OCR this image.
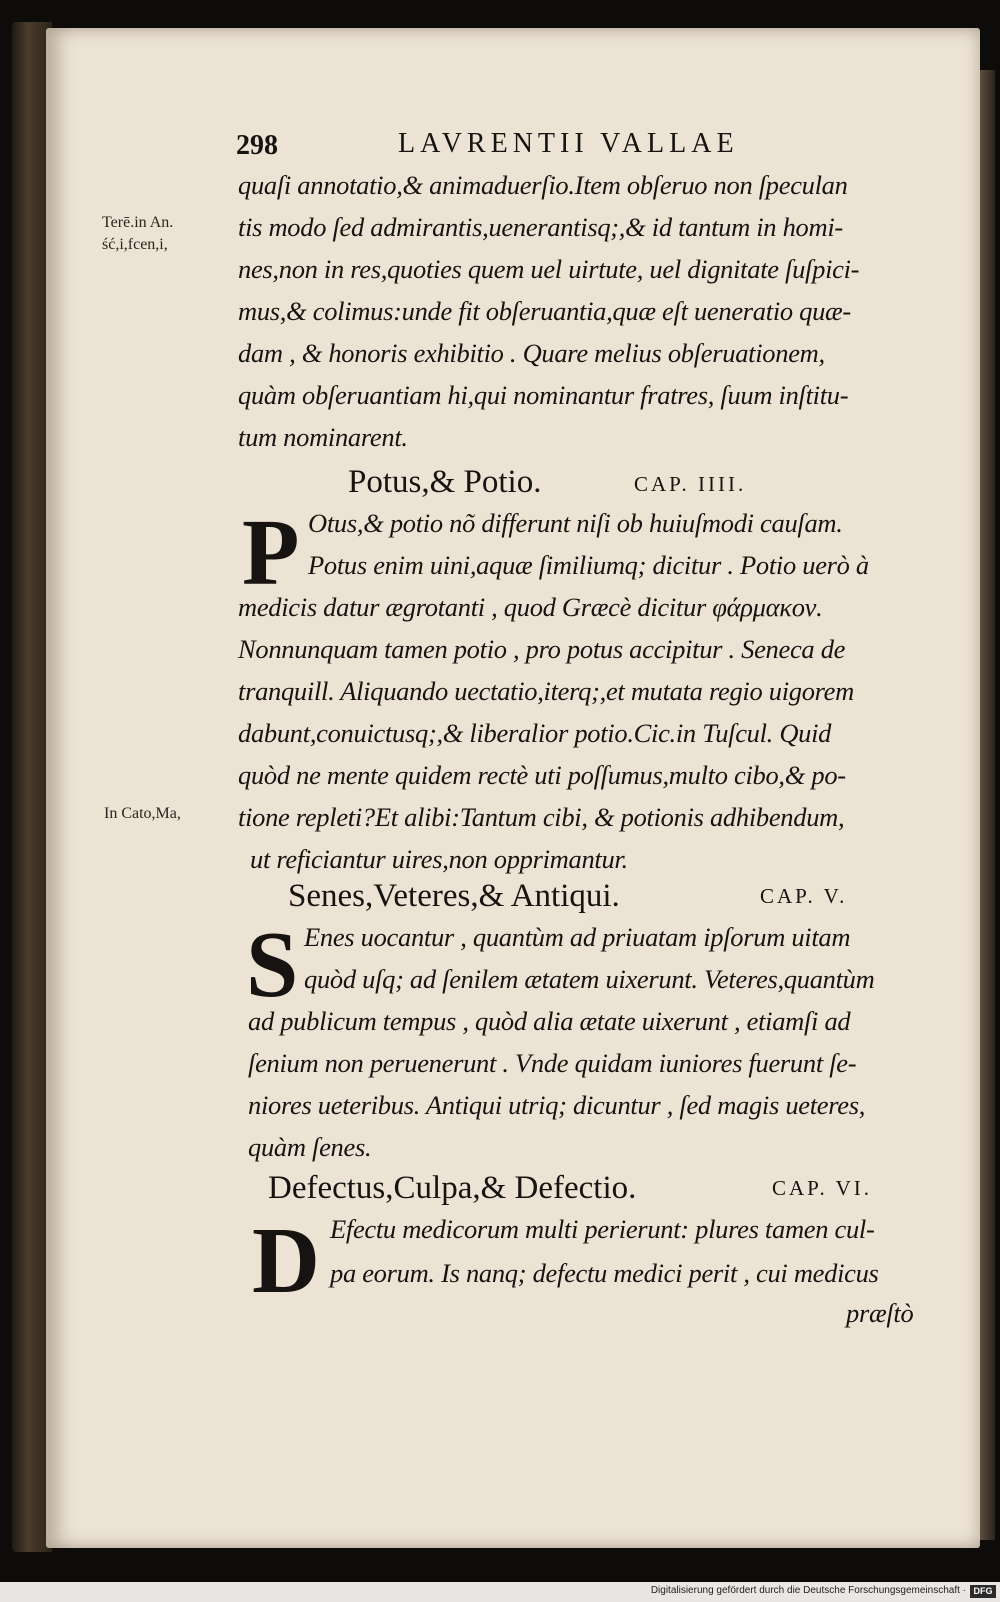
298	LAVRENTII VALLAE
Terē.in An.
ść,i,fcen,i,
In Cato,Ma,
quaſi annotatio,& animaduerſio.Item obſeruo non ſpeculan
tis modo ſed admirantis,uenerantisq;,& id tantum in homi-
nes,non in res,quoties quem uel uirtute, uel dignitate ſuſpici-
mus,& colimus:unde fit obſeruantia,quæ eſt ueneratio quæ-
dam , & honoris exhibitio . Quare melius obſeruationem,
quàm obſeruantiam hi,qui nominantur fratres, ſuum inſtitu-
tum nominarent.
Potus,& Potio.	CAP. IIII.
P Otus,& potio nõ differunt niſi ob huiuſmodi cauſam.
Potus enim uini,aquæ ſimiliumq; dicitur . Potio uerò à
medicis datur ægrotanti , quod Græcè dicitur φάρμακον.
Nonnunquam tamen potio , pro potus accipitur . Seneca de
tranquill. Aliquando uectatio,iterq;,et mutata regio uigorem
dabunt,conuictusq;,& liberalior potio.Cic.in Tuſcul. Quid
quòd ne mente quidem rectè uti poſſumus,multo cibo,& po-
tione repleti?Et alibi:Tantum cibi, & potionis adhibendum,
ut reficiantur uires,non opprimantur.
Senes,Veteres,& Antiqui.	CAP. V.
S Enes uocantur , quantùm ad priuatam ipſorum uitam
quòd uſq; ad ſenilem ætatem uixerunt. Veteres,quantùm
ad publicum tempus , quòd alia ætate uixerunt , etiamſi ad
ſenium non peruenerunt . Vnde quidam iuniores fuerunt ſe-
niores ueteribus. Antiqui utriq; dicuntur , ſed magis ueteres,
quàm ſenes.
Defectus,Culpa,& Defectio.	CAP. VI.
D Efectu medicorum multi perierunt: plures tamen cul-
pa eorum. Is nanq; defectu medici perit , cui medicus
præſtò
Digitalisierung gefördert durch die Deutsche Forschungsgemeinschaft · DFG
